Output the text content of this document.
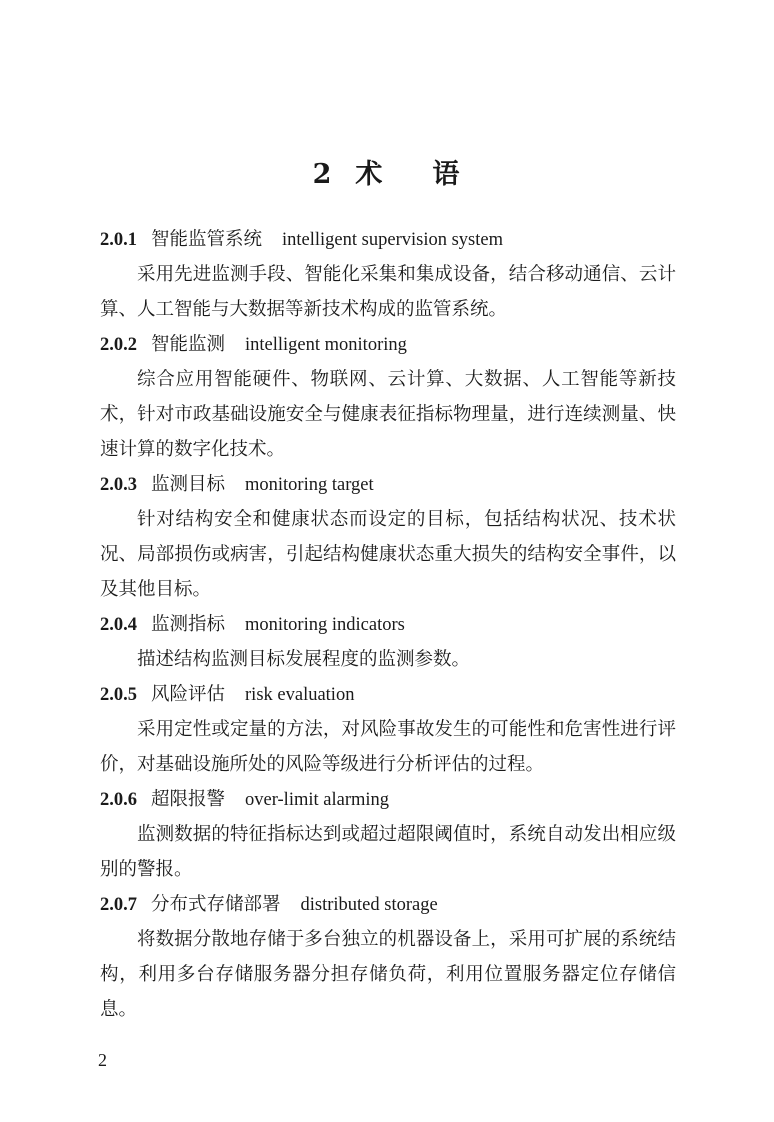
2 术 语
2.0.1 智能监管系统 intelligent supervision system

采用先进监测手段、智能化采集和集成设备，结合移动通信、云计算、人工智能与大数据等新技术构成的监管系统。

2.0.2 智能监测 intelligent monitoring

综合应用智能硬件、物联网、云计算、大数据、人工智能等新技术，针对市政基础设施安全与健康表征指标物理量，进行连续测量、快速计算的数字化技术。

2.0.3 监测目标 monitoring target

针对结构安全和健康状态而设定的目标，包括结构状况、技术状况、局部损伤或病害，引起结构健康状态重大损失的结构安全事件，以及其他目标。

2.0.4 监测指标 monitoring indicators

描述结构监测目标发展程度的监测参数。

2.0.5 风险评估 risk evaluation

采用定性或定量的方法，对风险事故发生的可能性和危害性进行评价，对基础设施所处的风险等级进行分析评估的过程。

2.0.6 超限报警 over-limit alarming

监测数据的特征指标达到或超过超限阈值时，系统自动发出相应级别的警报。

2.0.7 分布式存储部署 distributed storage

将数据分散地存储于多台独立的机器设备上，采用可扩展的系统结构，利用多台存储服务器分担存储负荷，利用位置服务器定位存储信息。

2
